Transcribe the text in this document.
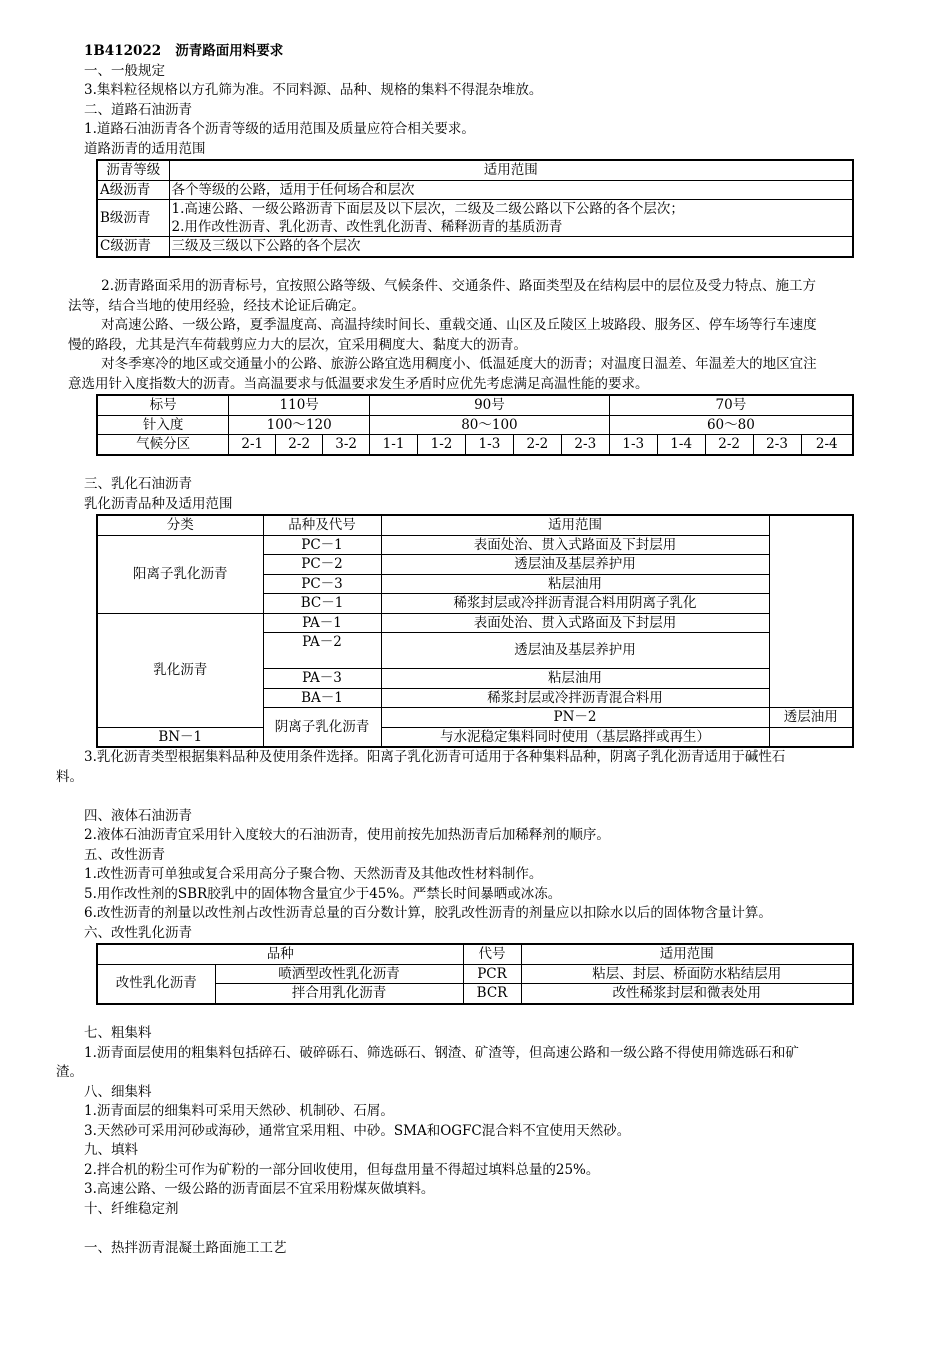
1B412022 沥青路面用料要求
一、一般规定
3.集料粒径规格以方孔筛为准。不同料源、品种、规格的集料不得混杂堆放。
二、道路石油沥青
1.道路石油沥青各个沥青等级的适用范围及质量应符合相关要求。
道路沥青的适用范围
沥青等级	适用范围
A级沥青	各个等级的公路，适用于任何场合和层次
B级沥青	1.高速公路、一级公路沥青下面层及以下层次，二级及二级公路以下公路的各个层次；
2.用作改性沥青、乳化沥青、改性乳化沥青、稀释沥青的基质沥青

C级沥青	三级及三级以下公路的各个层次
2.沥青路面采用的沥青标号，宜按照公路等级、气候条件、交通条件、路面类型及在结构层中的层位及受力特点、施工方
法等，结合当地的使用经验，经技术论证后确定。
对高速公路、一级公路，夏季温度高、高温持续时间长、重载交通、山区及丘陵区上坡路段、服务区、停车场等行车速度
慢的路段，尤其是汽车荷载剪应力大的层次，宜采用稠度大、黏度大的沥青。
对冬季寒冷的地区或交通量小的公路、旅游公路宜选用稠度小、低温延度大的沥青；对温度日温差、年温差大的地区宜注
意选用针入度指数大的沥青。当高温要求与低温要求发生矛盾时应优先考虑满足高温性能的要求。
标号	110号			90号					70号				
针入度	100～120			80～100					60～80				
气候分区	2-1	2-2	3-2	1-1	1-2	1-3	2-2	2-3	1-3	1-4	2-2	2-3	2-4
三、乳化石油沥青
乳化沥青品种及适用范围
分类	品种及代号	适用范围	
阳离子乳化沥青	PC－1	表面处治、贯入式路面及下封层用	
	PC－2	透层油及基层养护用	
	PC－3	粘层油用	
	BC－1	稀浆封层或冷拌沥青混合料用阴离子乳化	
乳化沥青	PA－1	表面处治、贯入式路面及下封层用	
	PA－2	透层油及基层养护用	
	PA－3	粘层油用	
	BA－1	稀浆封层或冷拌沥青混合料用	
	阴离子乳化沥青	PN－2	透层油用
BN－1		与水泥稳定集料同时使用（基层路拌或再生）	
3.乳化沥青类型根据集料品种及使用条件选择。阳离子乳化沥青可适用于各种集料品种，阴离子乳化沥青适用于碱性石
料。
四、液体石油沥青
2.液体石油沥青宜采用针入度较大的石油沥青，使用前按先加热沥青后加稀释剂的顺序。
五、改性沥青
1.改性沥青可单独或复合采用高分子聚合物、天然沥青及其他改性材料制作。
5.用作改性剂的SBR胶乳中的固体物含量宜少于45%。严禁长时间暴晒或冰冻。
6.改性沥青的剂量以改性剂占改性沥青总量的百分数计算，胶乳改性沥青的剂量应以扣除水以后的固体物含量计算。
六、改性乳化沥青
品种		代号	适用范围
改性乳化沥青	喷洒型改性乳化沥青	PCR	粘层、封层、桥面防水粘结层用
	拌合用乳化沥青	BCR	改性稀浆封层和微表处用
七、粗集料
1.沥青面层使用的粗集料包括碎石、破碎砾石、筛选砾石、钢渣、矿渣等，但高速公路和一级公路不得使用筛选砾石和矿
渣。
八、细集料
1.沥青面层的细集料可采用天然砂、机制砂、石屑。
3.天然砂可采用河砂或海砂，通常宜采用粗、中砂。SMA和OGFC混合料不宜使用天然砂。
九、填料
2.拌合机的粉尘可作为矿粉的一部分回收使用，但每盘用量不得超过填料总量的25%。
3.高速公路、一级公路的沥青面层不宜采用粉煤灰做填料。
十、纤维稳定剂
一、热拌沥青混凝土路面施工工艺
